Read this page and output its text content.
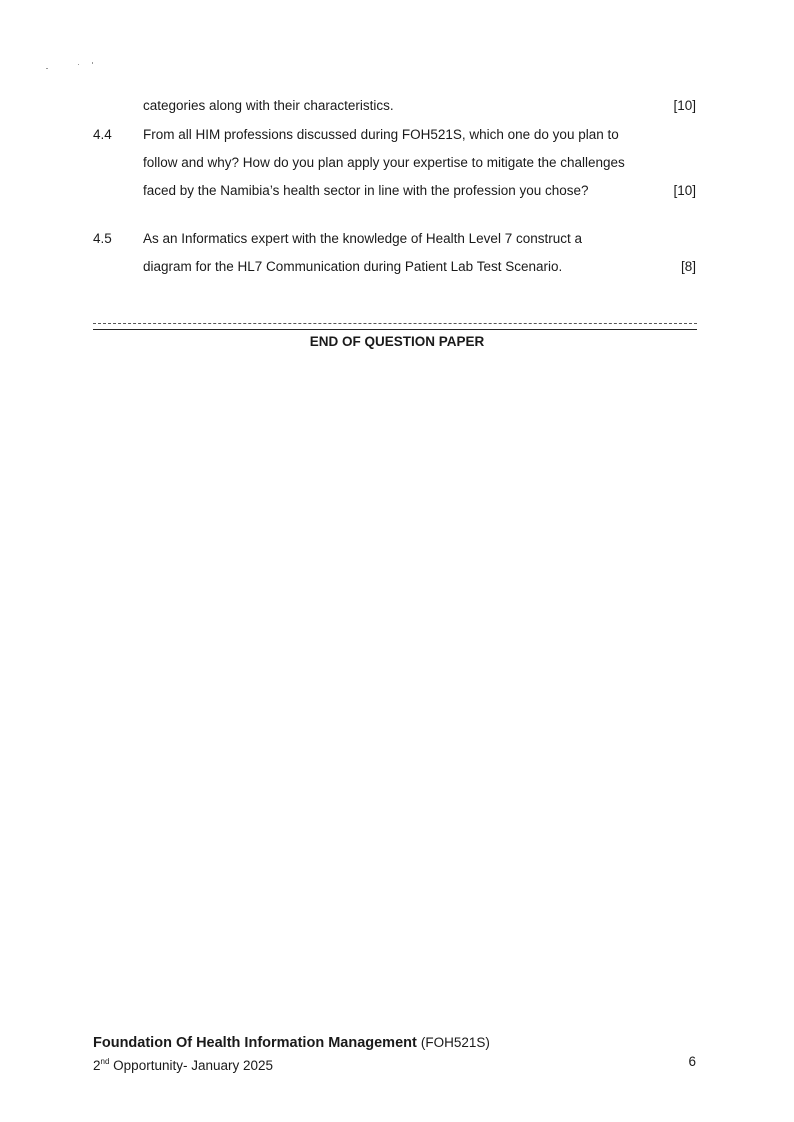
categories along with their characteristics.	[10]
4.4 From all HIM professions discussed during FOH521S, which one do you plan to
follow and why? How do you plan apply your expertise to mitigate the challenges
faced by the Namibia’s health sector in line with the profession you chose?	[10]
4.5 As an Informatics expert with the knowledge of Health Level 7 construct a
diagram for the HL7 Communication during Patient Lab Test Scenario.	[8]
END OF QUESTION PAPER
Foundation Of Health Information Management (FOH521S)
2nd Opportunity- January 2025	6
